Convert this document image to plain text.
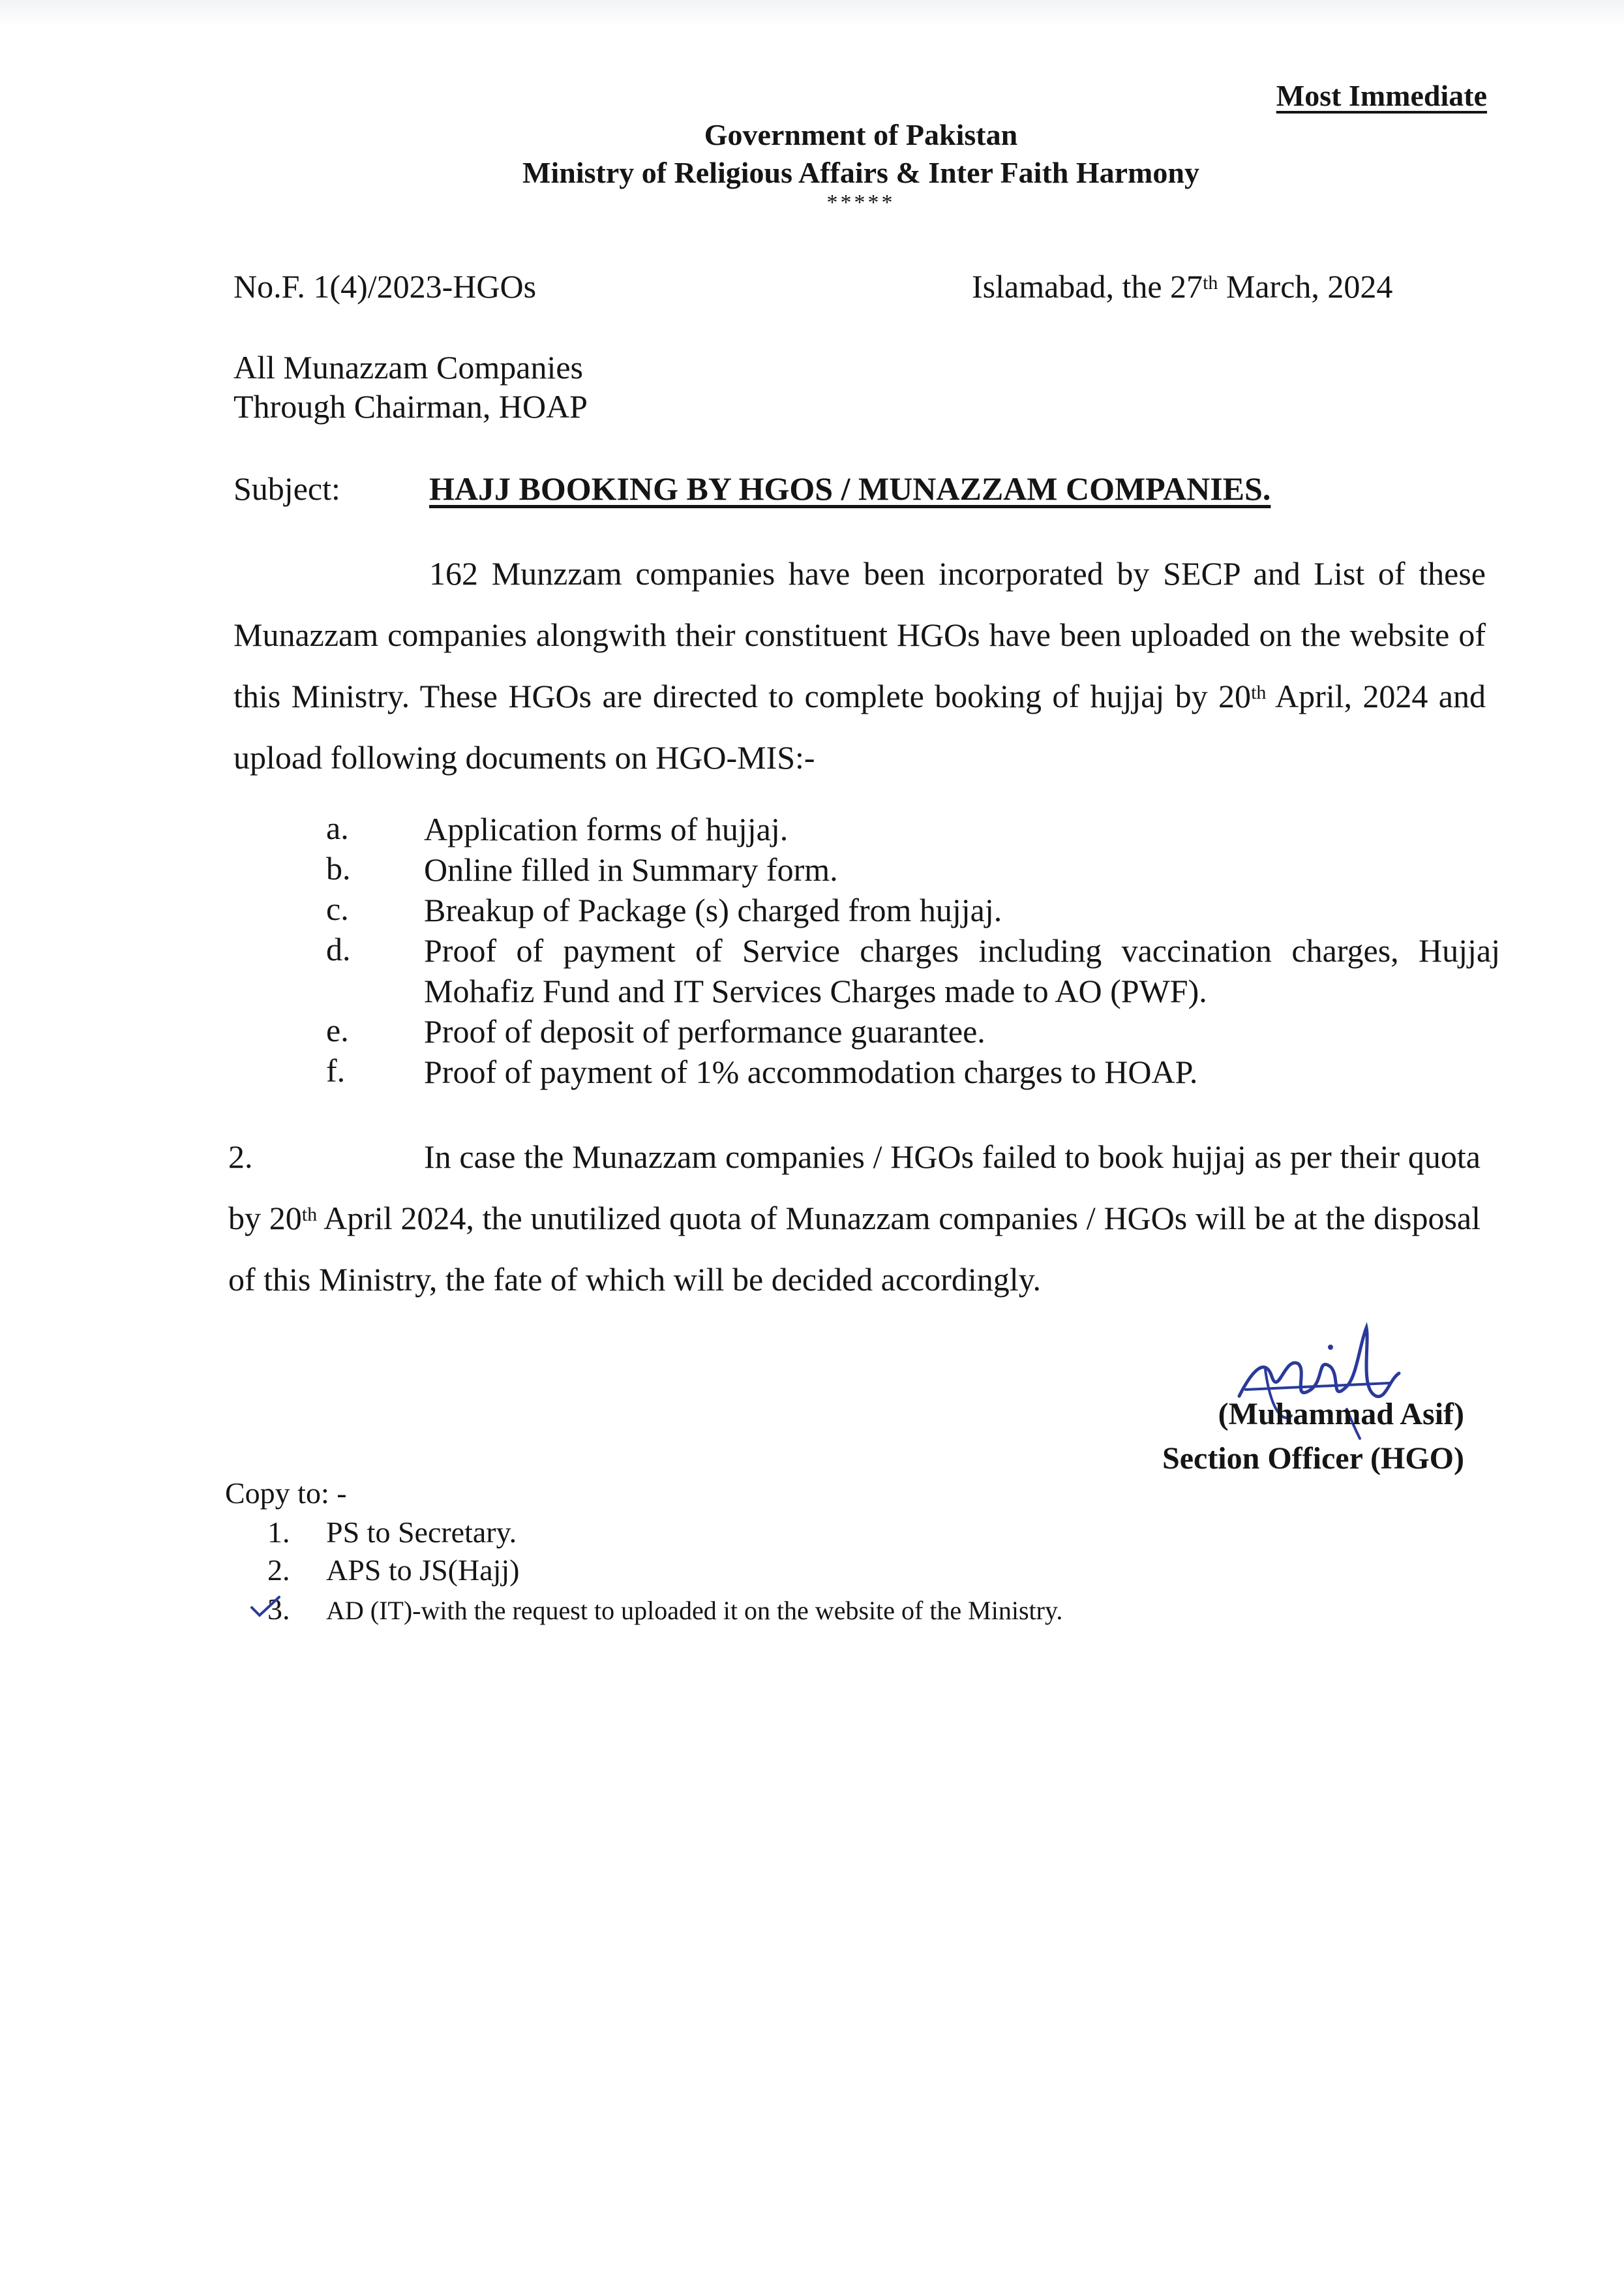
Most Immediate
Government of Pakistan
Ministry of Religious Affairs & Inter Faith Harmony
*****
No.F. 1(4)/2023-HGOs	Islamabad, the 27th March, 2024
All Munazzam Companies
Through Chairman, HOAP
Subject:	HAJJ BOOKING BY HGOS / MUNAZZAM COMPANIES.
162 Munzzam companies have been incorporated by SECP and List of these Munazzam companies alongwith their constituent HGOs have been uploaded on the website of this Ministry. These HGOs are directed to complete booking of hujjaj by 20th April, 2024 and upload following documents on HGO-MIS:-
a.	Application forms of hujjaj.
b.	Online filled in Summary form.
c.	Breakup of Package (s) charged from hujjaj.
d.	Proof of payment of Service charges including vaccination charges, Hujjaj Mohafiz Fund and IT Services Charges made to AO (PWF).
e.	Proof of deposit of performance guarantee.
f.	Proof of payment of 1% accommodation charges to HOAP.
2.	In case the Munazzam companies / HGOs failed to book hujjaj as per their quota by 20th April 2024, the unutilized quota of Munazzam companies / HGOs will be at the disposal of this Ministry, the fate of which will be decided accordingly.
(Muhammad Asif)
Section Officer (HGO)
Copy to: -
1. PS to Secretary.
2. APS to JS(Hajj)
3. AD (IT)-with the request to uploaded it on the website of the Ministry.
